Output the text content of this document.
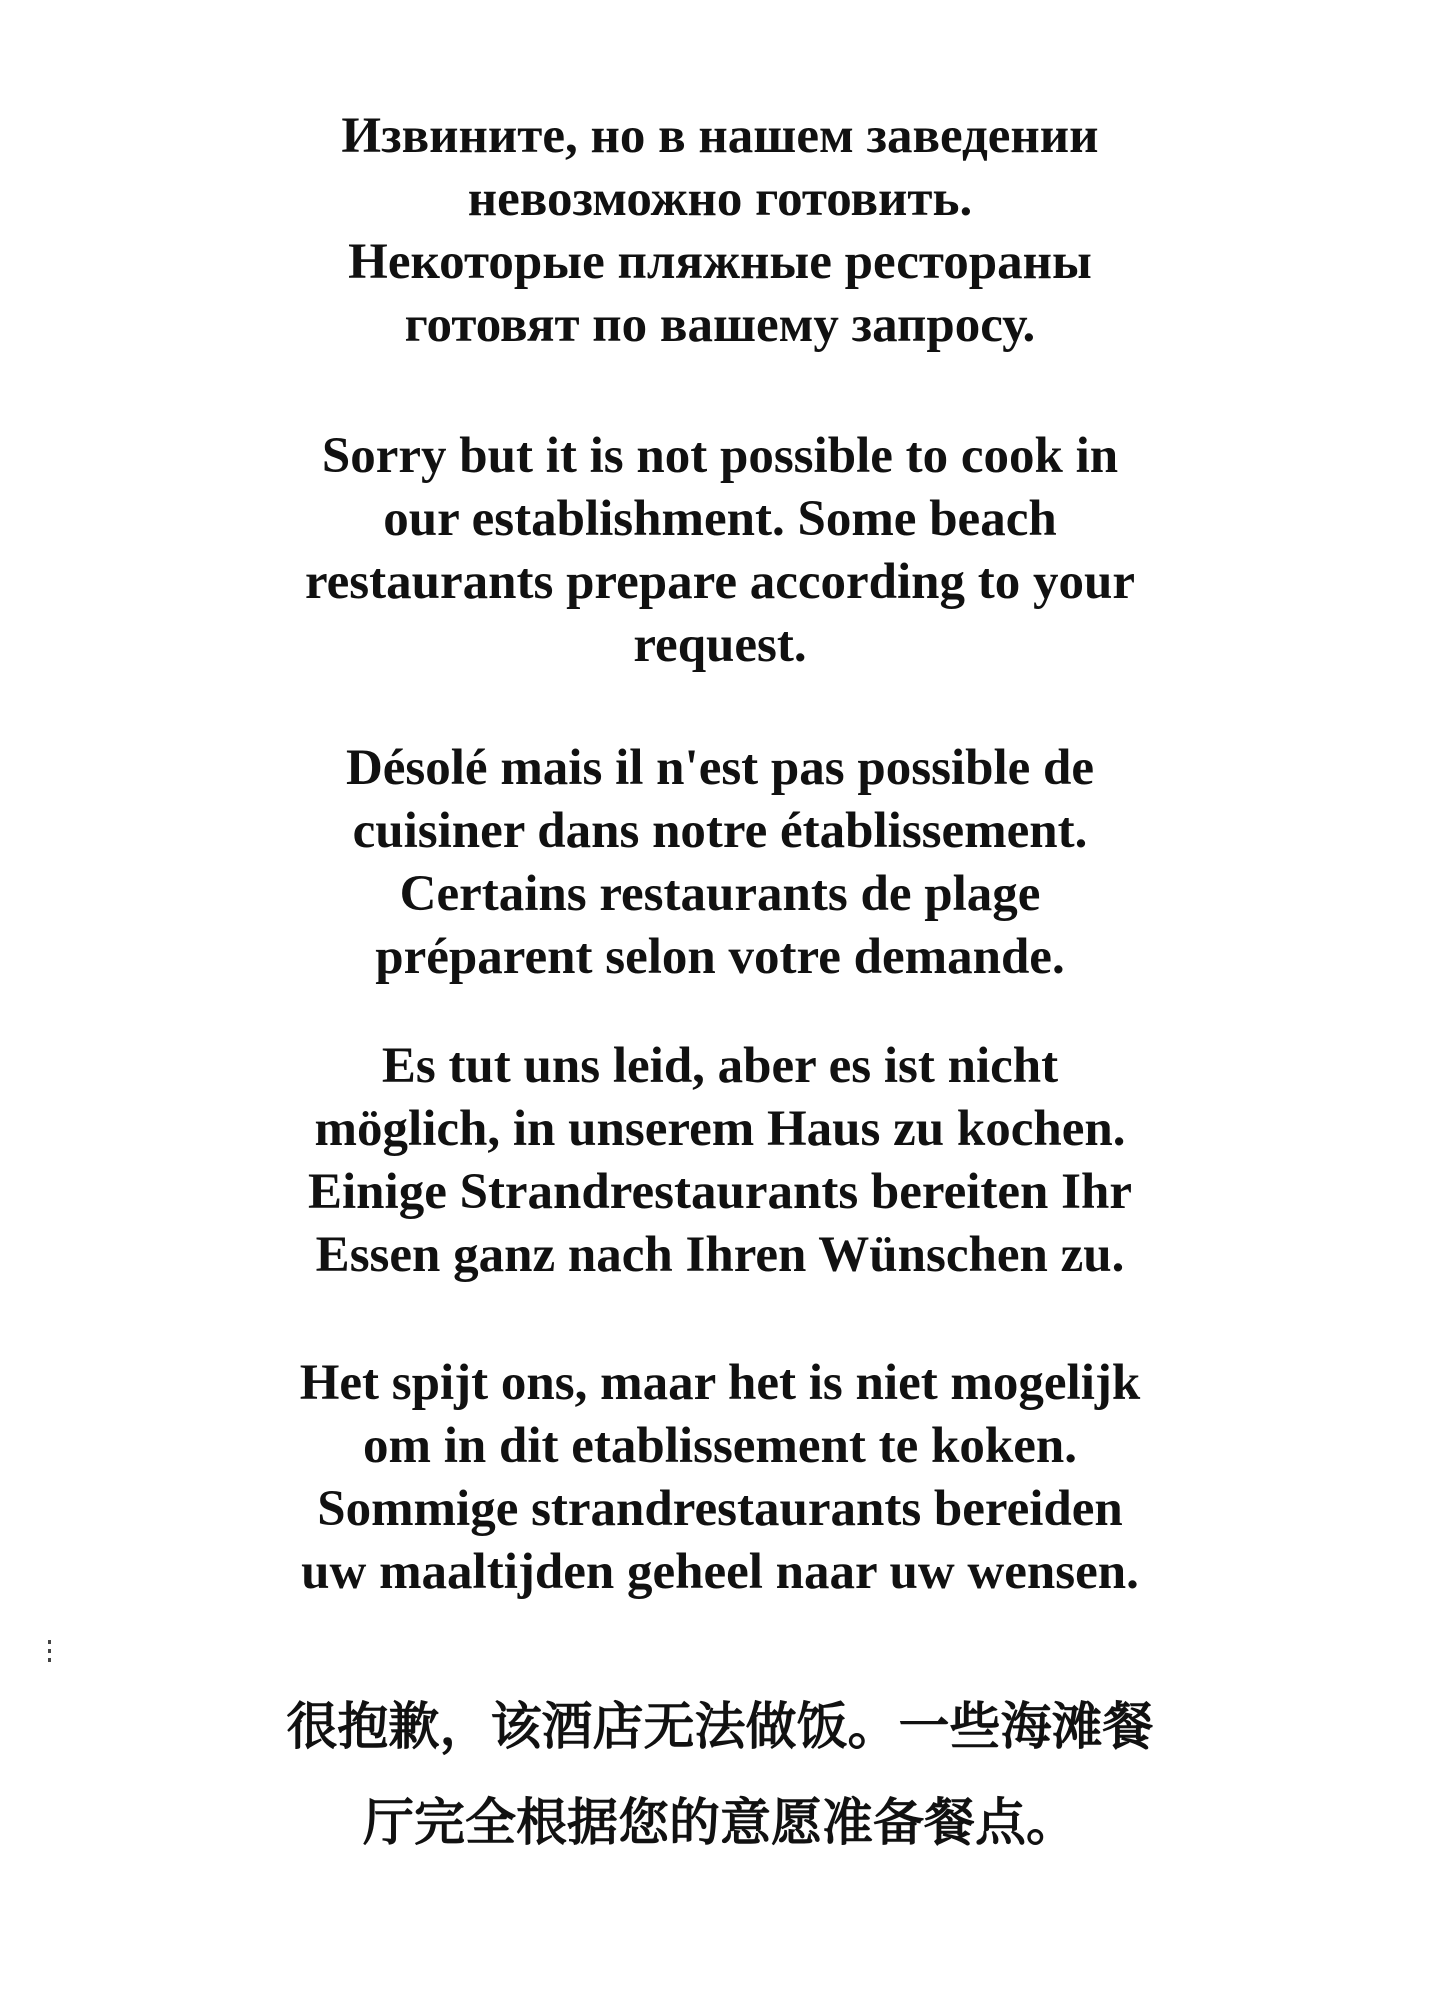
Извините, но в нашем заведении
невозможно готовить.
Некоторые пляжные рестораны
готовят по вашему запросу.
Sorry but it is not possible to cook in
our establishment. Some beach
restaurants prepare according to your
request.
Désolé mais il n'est pas possible de
cuisiner dans notre établissement.
Certains restaurants de plage
préparent selon votre demande.
Es tut uns leid, aber es ist nicht
möglich, in unserem Haus zu kochen.
Einige Strandrestaurants bereiten Ihr
Essen ganz nach Ihren Wünschen zu.
Het spijt ons, maar het is niet mogelijk
om in dit etablissement te koken.
Sommige strandrestaurants bereiden
uw maaltijden geheel naar uw wensen.
很抱歉，该酒店无法做饭。一些海滩餐
厅完全根据您的意愿准备餐点。
